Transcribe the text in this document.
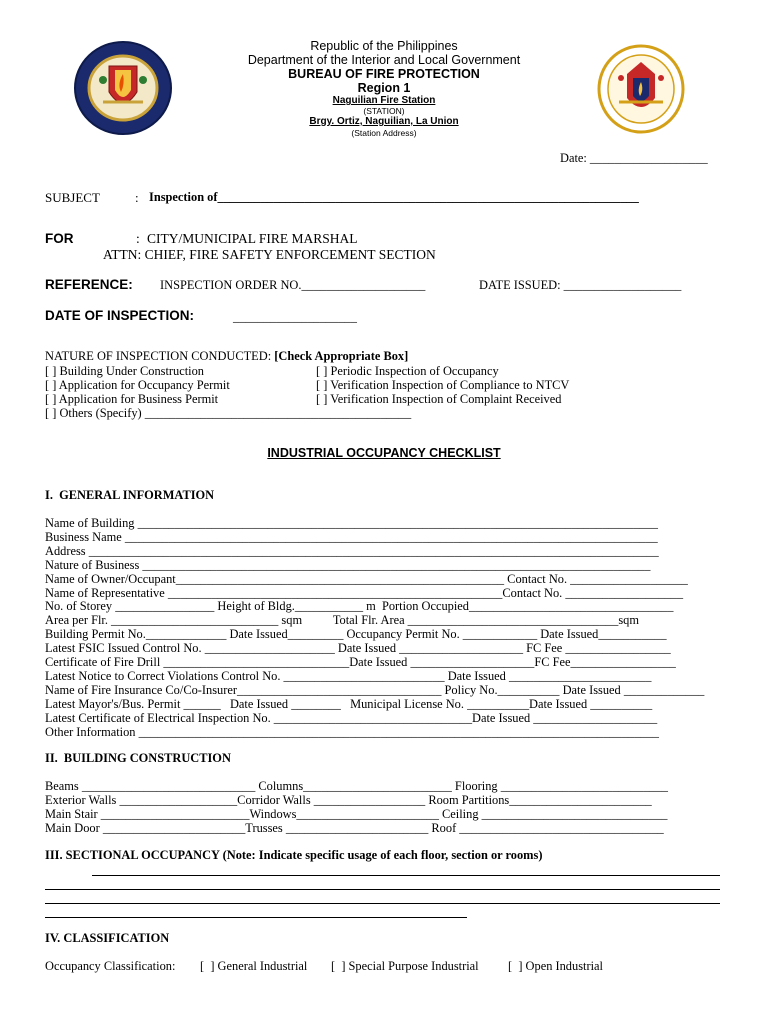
Republic of the Philippines
Department of the Interior and Local Government
BUREAU OF FIRE PROTECTION
Region 1
Naguilian Fire Station
(STATION)
Brgy. Ortiz, Naguilian, La Union
(Station Address)
Date: ___________________
SUBJECT	: Inspection of____________________________________________________________________
FOR	: CITY/MUNICIPAL FIRE MARSHAL
ATTN: CHIEF, FIRE SAFETY ENFORCEMENT SECTION
REFERENCE: INSPECTION ORDER NO.____________________	DATE ISSUED: ___________________
DATE OF INSPECTION:	____________________
NATURE OF INSPECTION CONDUCTED: [Check Appropriate Box]
[ ] Building Under Construction
[ ] Application for Occupancy Permit
[ ] Application for Business Permit
[ ] Others (Specify) ___________________________________________
[ ] Periodic Inspection of Occupancy
[ ] Verification Inspection of Compliance to NTCV
[ ] Verification Inspection of Complaint Received
INDUSTRIAL OCCUPANCY CHECKLIST
I.  GENERAL INFORMATION
Name of Building ____________________________________________________________________________________
Business Name ______________________________________________________________________________________
Address ____________________________________________________________________________________________
Nature of Business __________________________________________________________________________________
Name of Owner/Occupant_____________________________________________________ Contact No. ___________________
Name of Representative ______________________________________________________Contact No. ___________________
No. of Storey ________________ Height of Bldg.___________ m  Portion Occupied_________________________________
Area per Flr. ___________________________ sqm          Total Flr. Area __________________________________sqm
Building Permit No._____________ Date Issued_________ Occupancy Permit No. ____________ Date Issued___________
Latest FSIC Issued Control No. _____________________ Date Issued ____________________ FC Fee _________________
Certificate of Fire Drill ______________________________Date Issued ____________________FC Fee_________________
Latest Notice to Correct Violations Control No. __________________________ Date Issued _______________________
Name of Fire Insurance Co/Co-Insurer_________________________________ Policy No.__________ Date Issued _____________
Latest Mayor's/Bus. Permit ______   Date Issued ________   Municipal License No. __________Date Issued __________
Latest Certificate of Electrical Inspection No. ________________________________Date Issued ____________________
Other Information ____________________________________________________________________________________
II.  BUILDING CONSTRUCTION
Beams ____________________________ Columns________________________ Flooring ___________________________
Exterior Walls ___________________Corridor Walls __________________ Room Partitions_______________________
Main Stair ________________________Windows_______________________ Ceiling ______________________________
Main Door _______________________Trusses _______________________ Roof _________________________________
III. SECTIONAL OCCUPANCY (Note: Indicate specific usage of each floor, section or rooms)
IV. CLASSIFICATION
Occupancy Classification: [  ] General Industrial [  ] Special Purpose Industrial [  ] Open Industrial
